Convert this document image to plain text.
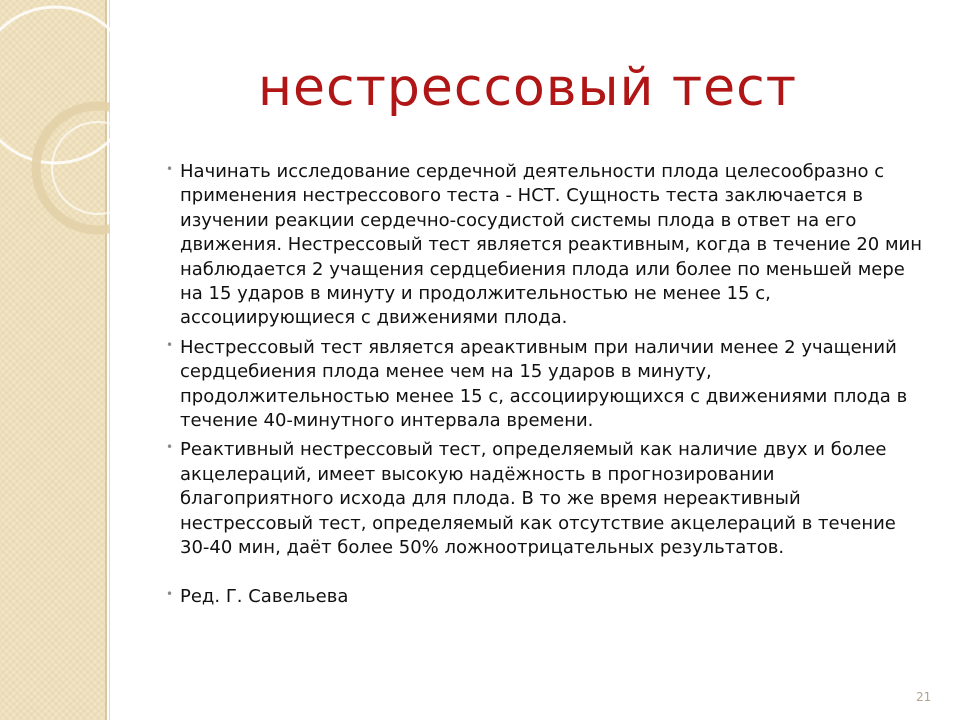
нестрессовый тест
• Начинать исследование сердечной деятельности плода целесообразно с применения нестрессового теста - НСТ. Сущность теста заключается в изучении реакции сердечно-сосудистой системы плода в ответ на его движения. Нестрессовый тест является реактивным, когда в течение 20 мин наблюдается 2 учащения сердцебиения плода или более по меньшей мере на 15 ударов в минуту и продолжительностью не менее 15 с, ассоциирующиеся с движениями плода.
• Нестрессовый тест является ареактивным при наличии менее 2 учащений сердцебиения плода менее чем на 15 ударов в минуту, продолжительностью менее 15 с, ассоциирующихся с движениями плода в течение 40-минутного интервала времени.
• Реактивный нестрессовый тест, определяемый как наличие двух и более акцелераций, имеет высокую надёжность в прогнозировании благоприятного исхода для плода. В то же время нереактивный нестрессовый тест, определяемый как отсутствие акцелераций в течение 30-40 мин, даёт более 50% ложноотрицательных результатов.
• Ред. Г. Савельева
21
